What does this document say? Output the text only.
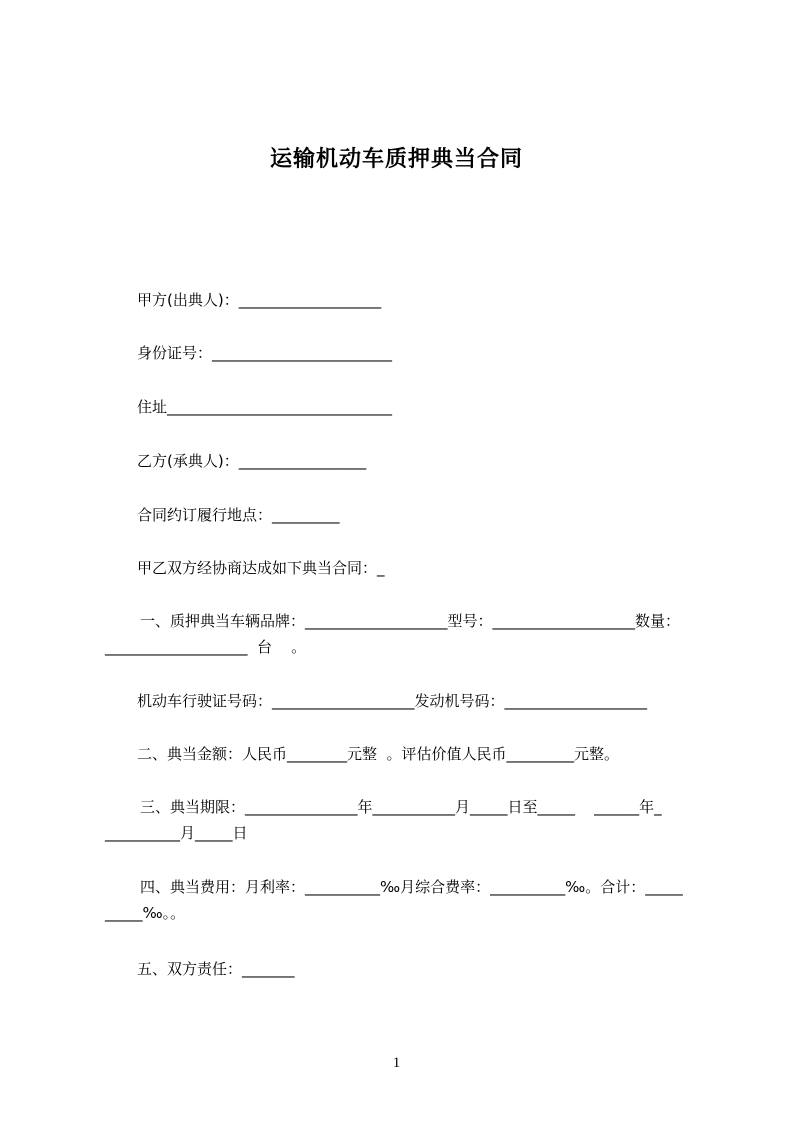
运输机动车质押典当合同
甲方(出典人)：___________________
身份证号：________________________
住址______________________________
乙方(承典人)：_________________
合同约订履行地点：_________
甲乙双方经协商达成如下典当合同：_
一、质押典当车辆品牌：___________________型号：___________________数量：
___________________  台    。
机动车行驶证号码：___________________发动机号码：___________________
二、典当金额：人民币________元整  。评估价值人民币_________元整。
三、典当期限：_______________年___________月_____日至_____    ______年_
__________月_____日
四、典当费用：月利率：__________‰月综合费率：__________‰。合计：_____
_____‰。。
五、双方责任：_______
1
